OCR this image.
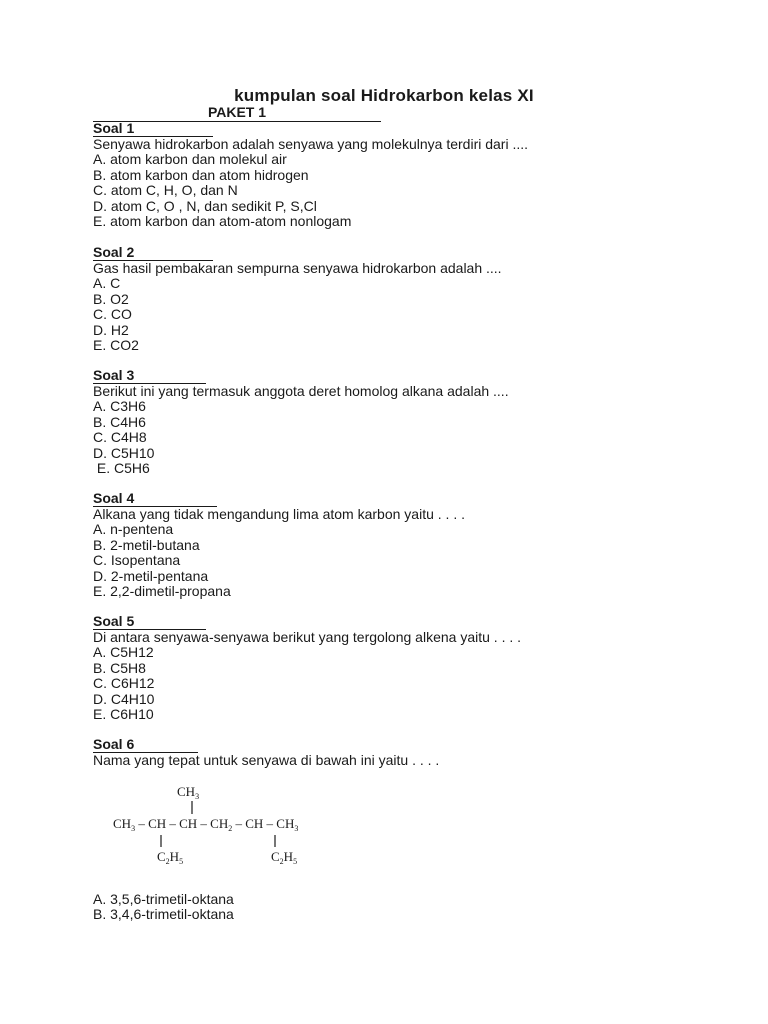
kumpulan soal Hidrokarbon kelas XI
PAKET 1
Soal 1
Senyawa hidrokarbon adalah senyawa yang molekulnya terdiri dari ....
A. atom karbon dan molekul air
B. atom karbon dan atom hidrogen
C. atom C, H, O, dan N
D. atom C, O , N, dan sedikit P, S,Cl
E. atom karbon dan atom-atom nonlogam
Soal 2
Gas hasil pembakaran sempurna senyawa hidrokarbon adalah ....
A. C
B. O2
C. CO
D. H2
E. CO2
Soal 3
Berikut ini yang termasuk anggota deret homolog alkana adalah ....
A. C3H6
B. C4H6
C. C4H8
D. C5H10
E. C5H6
Soal 4
Alkana yang tidak mengandung lima atom karbon yaitu . . . .
A. n-pentena
B. 2-metil-butana
C. Isopentana
D. 2-metil-pentana
E. 2,2-dimetil-propana
Soal 5
Di antara senyawa-senyawa berikut yang tergolong alkena yaitu . . . .
A. C5H12
B. C5H8
C. C6H12
D. C4H10
E. C6H10
Soal 6
Nama yang tepat untuk senyawa di bawah ini yaitu . . . .
$CH_3$
$CH_3$ – CH – CH – $CH_2$ – CH – $CH_3$
$C_2H_5$	$C_2H_5$
A. 3,5,6-trimetil-oktana
B. 3,4,6-trimetil-oktana
